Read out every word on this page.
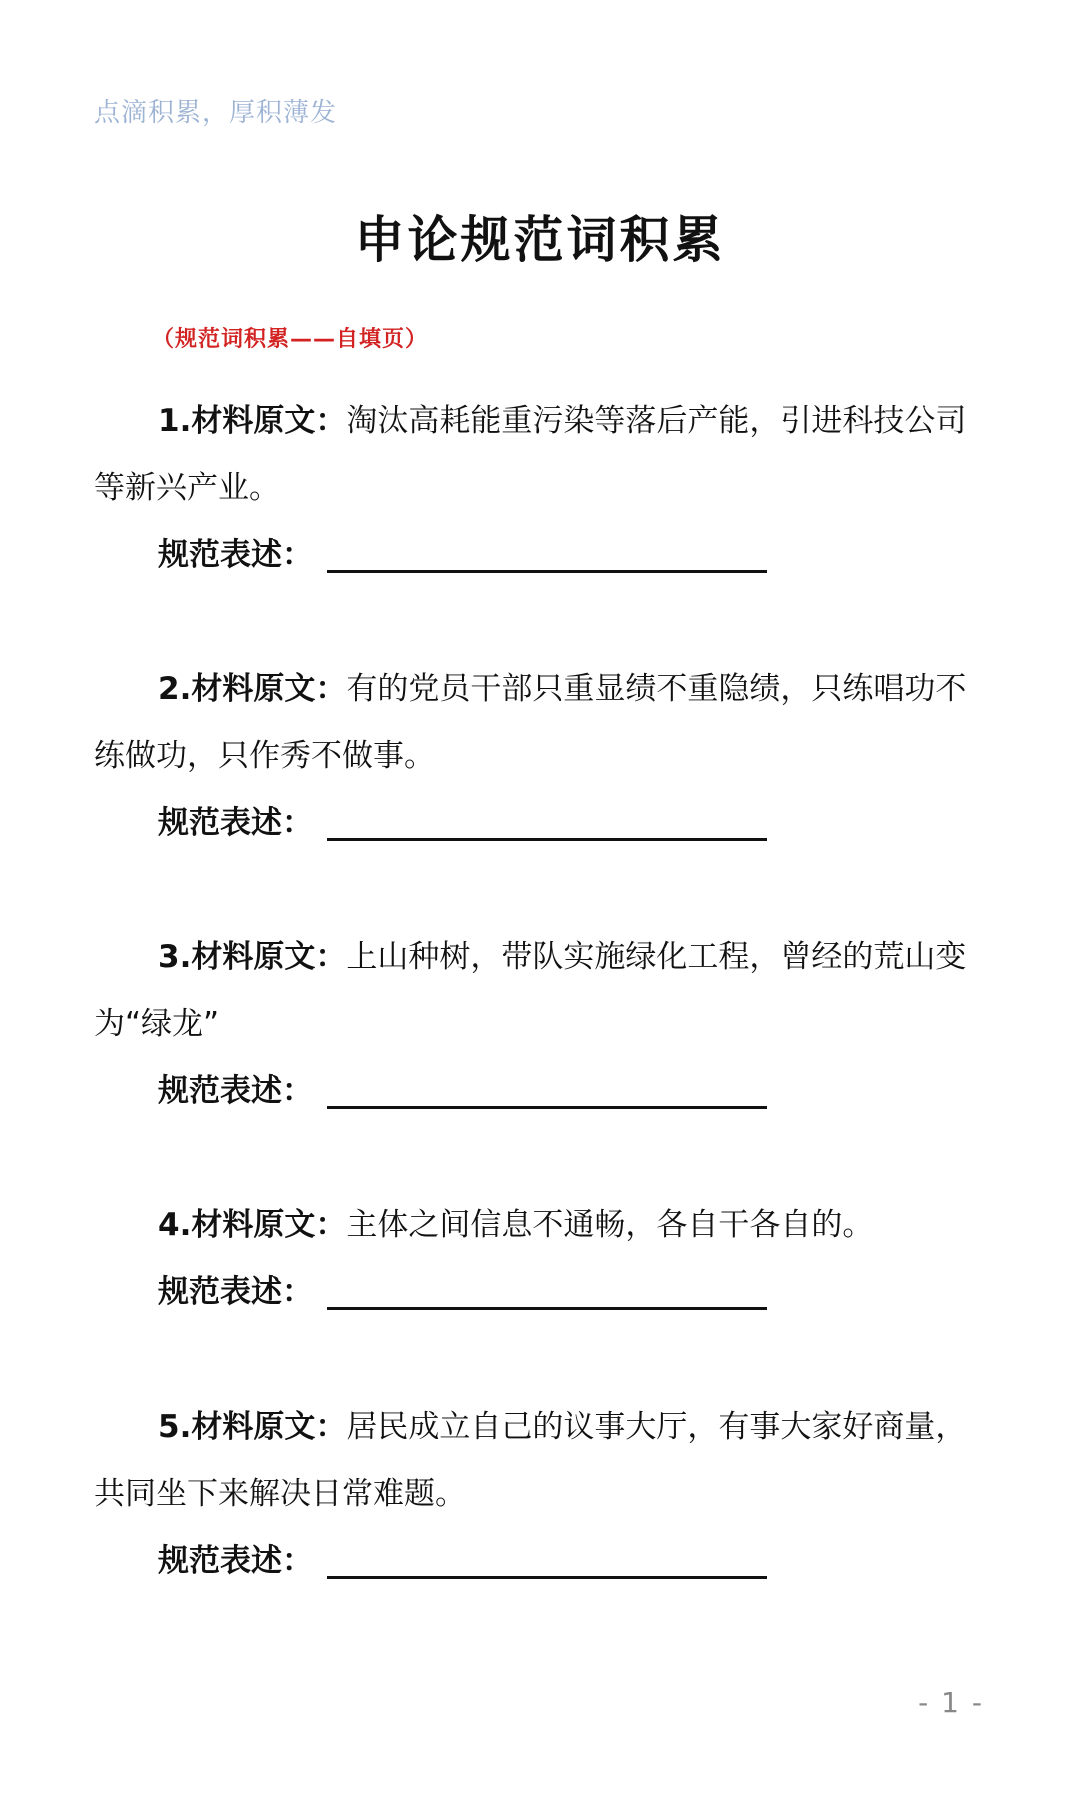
点滴积累，厚积薄发
申论规范词积累
（规范词积累——自填页）

1.材料原文：淘汰高耗能重污染等落后产能，引进科技公司等新兴产业。

规范表述：

2.材料原文：有的党员干部只重显绩不重隐绩，只练唱功不练做功，只作秀不做事。

规范表述：

3.材料原文：上山种树，带队实施绿化工程，曾经的荒山变为“绿龙”

规范表述：

4.材料原文：主体之间信息不通畅，各自干各自的。

规范表述：

5.材料原文：居民成立自己的议事大厅，有事大家好商量，共同坐下来解决日常难题。

规范表述：
- 1 -
